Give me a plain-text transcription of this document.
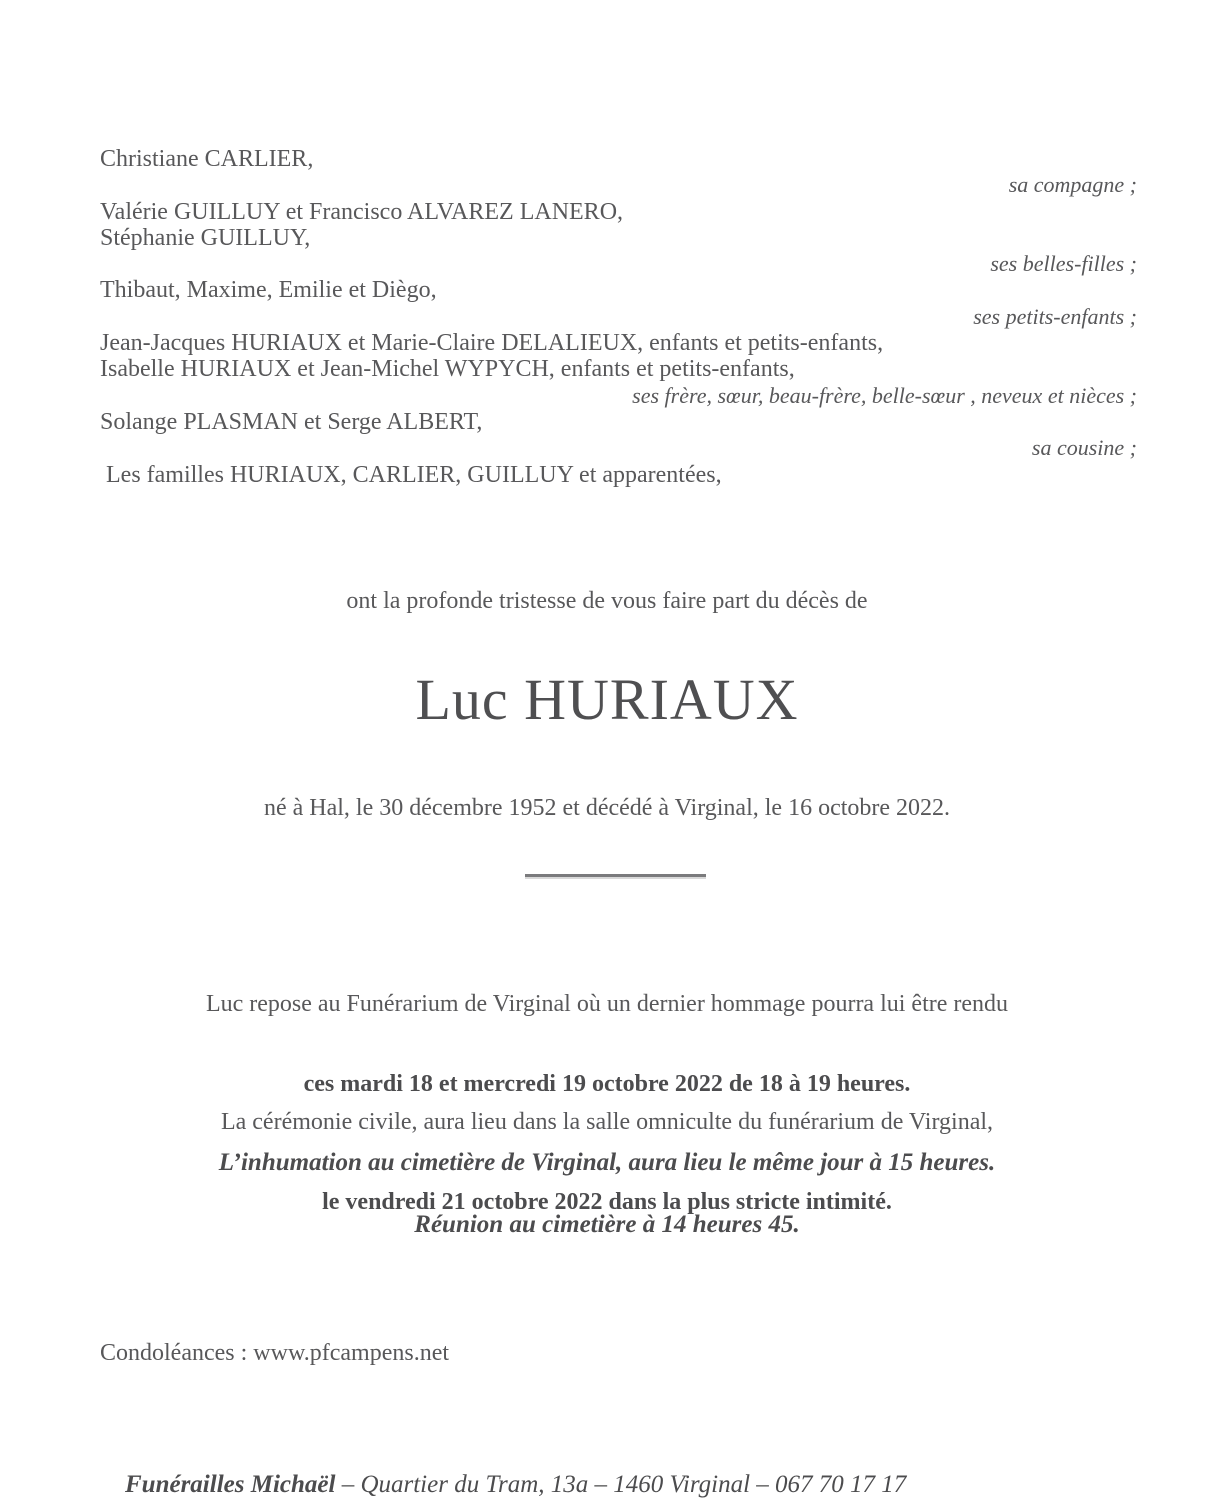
Christiane CARLIER,
sa compagne ;
Valérie GUILLUY et Francisco ALVAREZ LANERO,
Stéphanie GUILLUY,
ses belles-filles ;
Thibaut, Maxime, Emilie et Diègo,
ses petits-enfants ;
Jean-Jacques HURIAUX et Marie-Claire DELALIEUX, enfants et petits-enfants,
Isabelle HURIAUX et Jean-Michel WYPYCH, enfants et petits-enfants,
ses frère, sœur, beau-frère, belle-sœur , neveux et nièces ;
Solange PLASMAN et Serge ALBERT,
sa cousine ;
Les familles HURIAUX, CARLIER, GUILLUY et apparentées,
ont la profonde tristesse de vous faire part du décès de
Luc HURIAUX
né à Hal, le 30 décembre 1952 et décédé à Virginal, le 16 octobre 2022.

Luc repose au Funérarium de Virginal où un dernier hommage pourra lui être rendu

ces mardi 18 et mercredi 19 octobre 2022 de 18 à 19 heures.

La cérémonie civile, aura lieu dans la salle omniculte du funérarium de Virginal,

le vendredi 21 octobre 2022 dans la plus stricte intimité.

L’inhumation au cimetière de Virginal, aura lieu le même jour à 15 heures.
Réunion au cimetière à 14 heures 45.
Condoléances : www.pfcampens.net

Funérailles Michaël – Quartier du Tram, 13a – 1460 Virginal – 067 70 17 17
